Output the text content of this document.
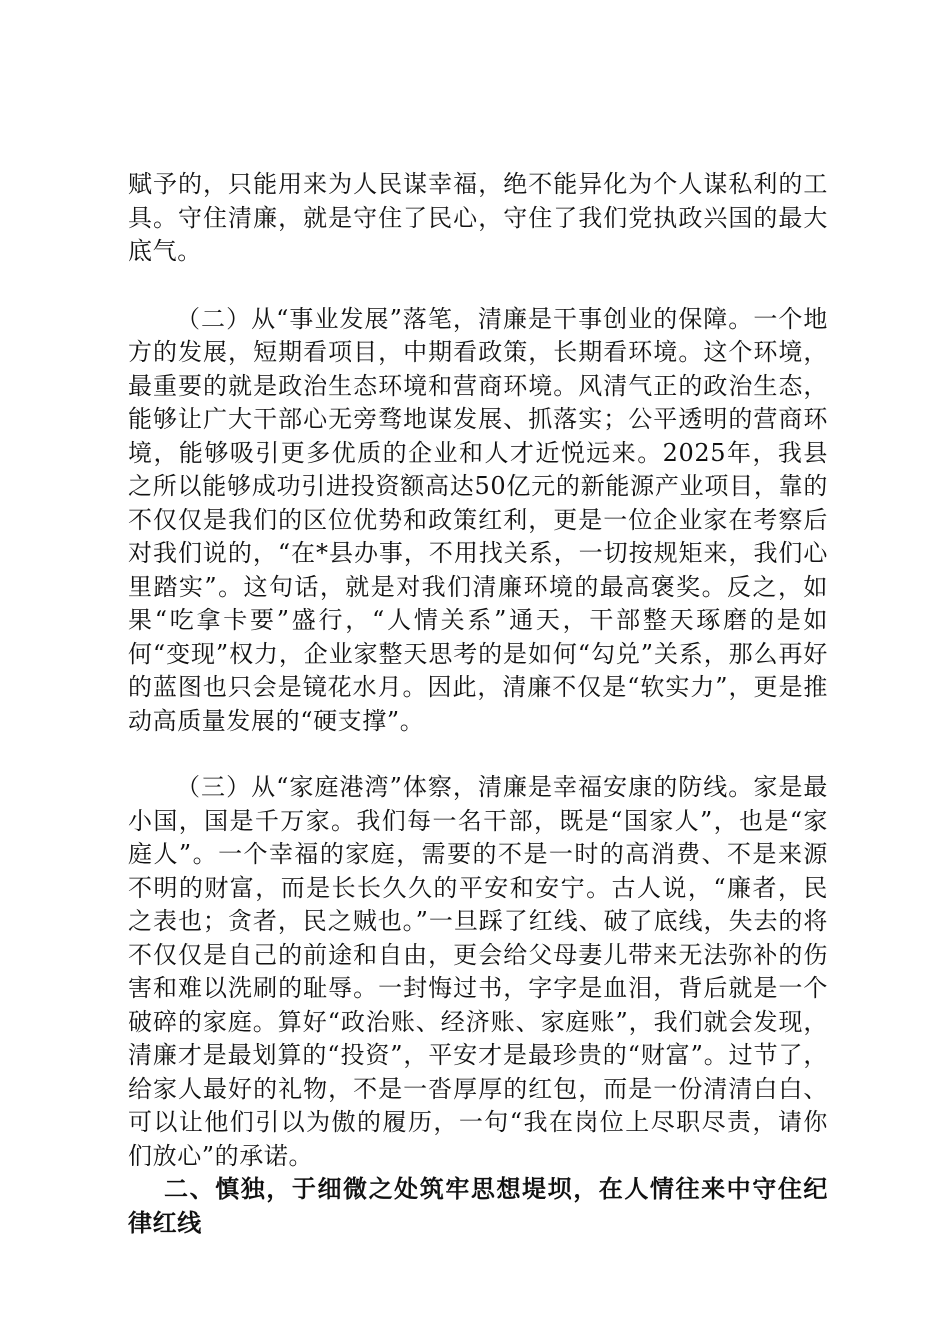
赋予的，只能用来为人民谋幸福，绝不能异化为个人谋私利的工具。守住清廉，就是守住了民心，守住了我们党执政兴国的最大底气。

（二）从“事业发展”落笔，清廉是干事创业的保障。一个地方的发展，短期看项目，中期看政策，长期看环境。这个环境，最重要的就是政治生态环境和营商环境。风清气正的政治生态，能够让广大干部心无旁骛地谋发展、抓落实；公平透明的营商环境，能够吸引更多优质的企业和人才近悦远来。2025年，我县之所以能够成功引进投资额高达50亿元的新能源产业项目，靠的不仅仅是我们的区位优势和政策红利，更是一位企业家在考察后对我们说的，“在*县办事，不用找关系，一切按规矩来，我们心里踏实”。这句话，就是对我们清廉环境的最高褒奖。反之，如果“吃拿卡要”盛行，“人情关系”通天，干部整天琢磨的是如何“变现”权力，企业家整天思考的是如何“勾兑”关系，那么再好的蓝图也只会是镜花水月。因此，清廉不仅是“软实力”，更是推动高质量发展的“硬支撑”。

（三）从“家庭港湾”体察，清廉是幸福安康的防线。家是最小国，国是千万家。我们每一名干部，既是“国家人”，也是“家庭人”。一个幸福的家庭，需要的不是一时的高消费、不是来源不明的财富，而是长长久久的平安和安宁。古人说，“廉者，民之表也；贪者，民之贼也。”一旦踩了红线、破了底线，失去的将不仅仅是自己的前途和自由，更会给父母妻儿带来无法弥补的伤害和难以洗刷的耻辱。一封悔过书，字字是血泪，背后就是一个破碎的家庭。算好“政治账、经济账、家庭账”，我们就会发现，清廉才是最划算的“投资”，平安才是最珍贵的“财富”。过节了，给家人最好的礼物，不是一沓厚厚的红包，而是一份清清白白、可以让他们引以为傲的履历，一句“我在岗位上尽职尽责，请你们放心”的承诺。

二、慎独，于细微之处筑牢思想堤坝，在人情往来中守住纪律红线
